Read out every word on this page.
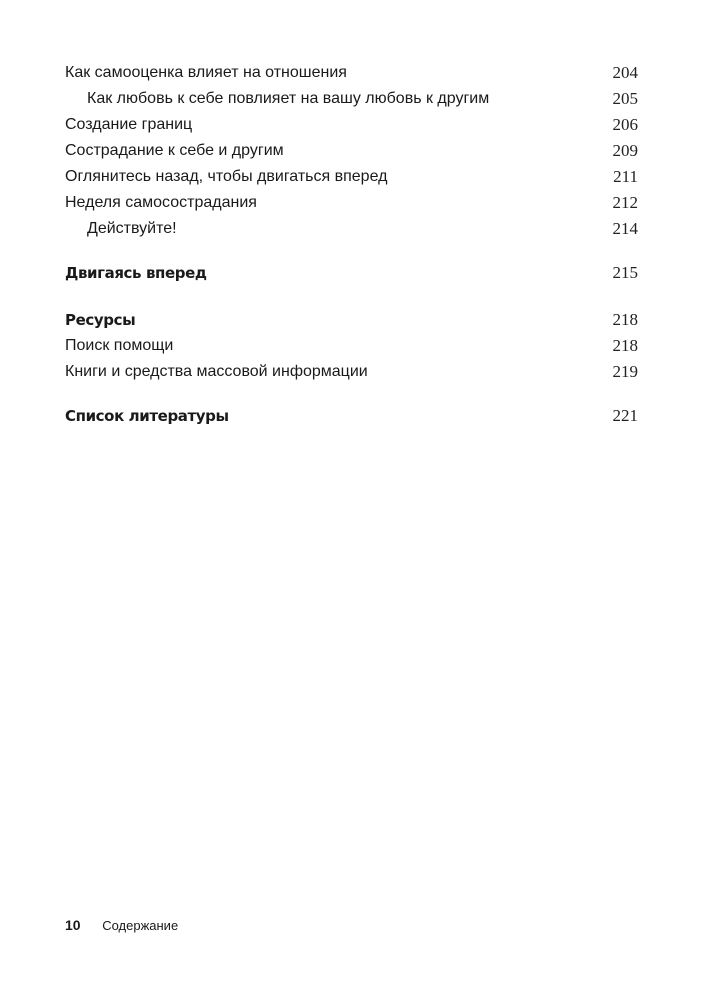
Как самооценка влияет на отношения	204
Как любовь к себе повлияет на вашу любовь к другим	205
Создание границ	206
Сострадание к себе и другим	209
Оглянитесь назад, чтобы двигаться вперед	211
Неделя самосострадания	212
Действуйте!	214
Двигаясь вперед	215
Ресурсы	218
Поиск помощи	218
Книги и средства массовой информации	219
Список литературы	221
10 Содержание
